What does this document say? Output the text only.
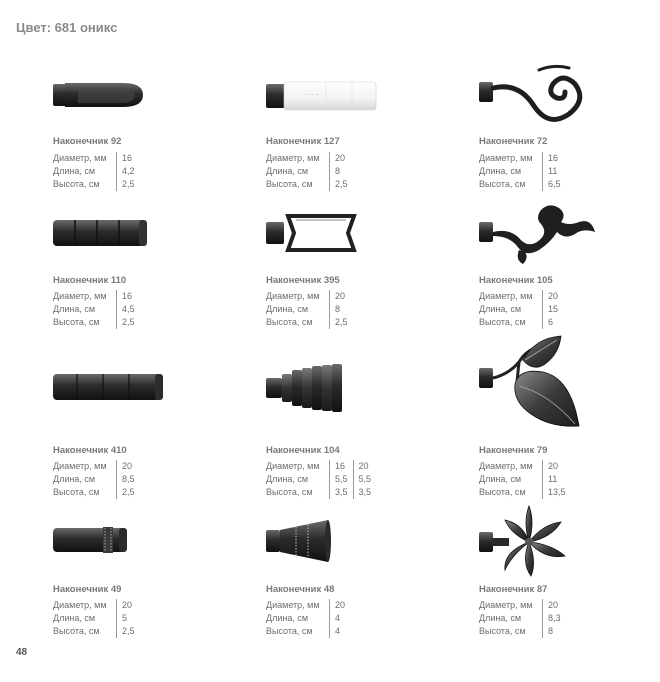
Цвет: 681 оникс
Наконечник 92
Диаметр, мм	16
Длина, см	4,2
Высота, см	2,5
~ ~ ~
Наконечник 127
Диаметр, мм	20
Длина, см	8
Высота, см	2,5
Наконечник 72
Диаметр, мм	16
Длина, см	11
Высота, см	6,5
Наконечник 110
Диаметр, мм	16
Длина, см	4,5
Высота, см	2,5
Наконечник 395
Диаметр, мм	20
Длина, см	8
Высота, см	2,5
Наконечник 105
Диаметр, мм	20
Длина, см	15
Высота, см	6
Наконечник 410
Диаметр, мм	20
Длина, см	8,5
Высота, см	2,5
Наконечник 104
Диаметр, мм	16	20
Длина, см	5,5	5,5
Высота, см	3,5	3,5
Наконечник 79
Диаметр, мм	20
Длина, см	11
Высота, см	13,5
Наконечник 49
Диаметр, мм	20
Длина, см	5
Высота, см	2,5
Наконечник 48
Диаметр, мм	20
Длина, см	4
Высота, см	4
Наконечник 87
Диаметр, мм	20
Длина, см	8,3
Высота, см	8
48
